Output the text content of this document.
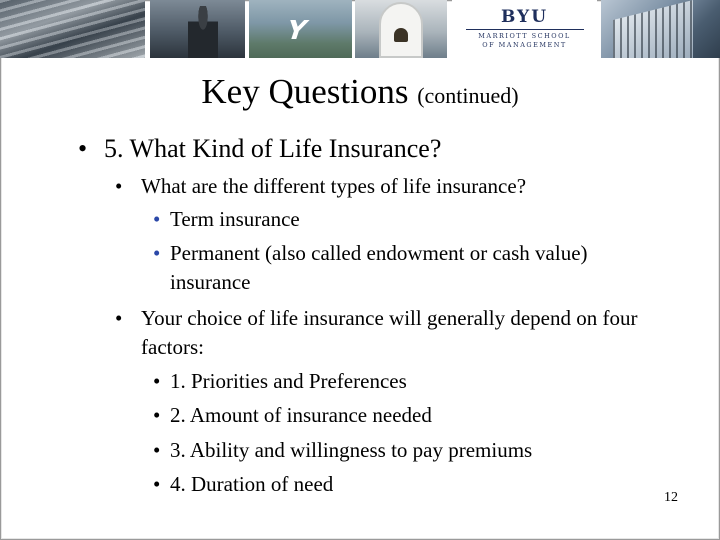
Y	BYU
MARRIOTT SCHOOL
OF MANAGEMENT
Key Questions (continued)
• 5. What Kind of Life Insurance?
• What are the different types of life insurance?
• Term insurance
• Permanent (also called endowment or cash value) insurance
• Your choice of life insurance will generally depend on four factors:
• 1. Priorities and Preferences
• 2. Amount of insurance needed
• 3. Ability and willingness to pay premiums
• 4. Duration of need
12
